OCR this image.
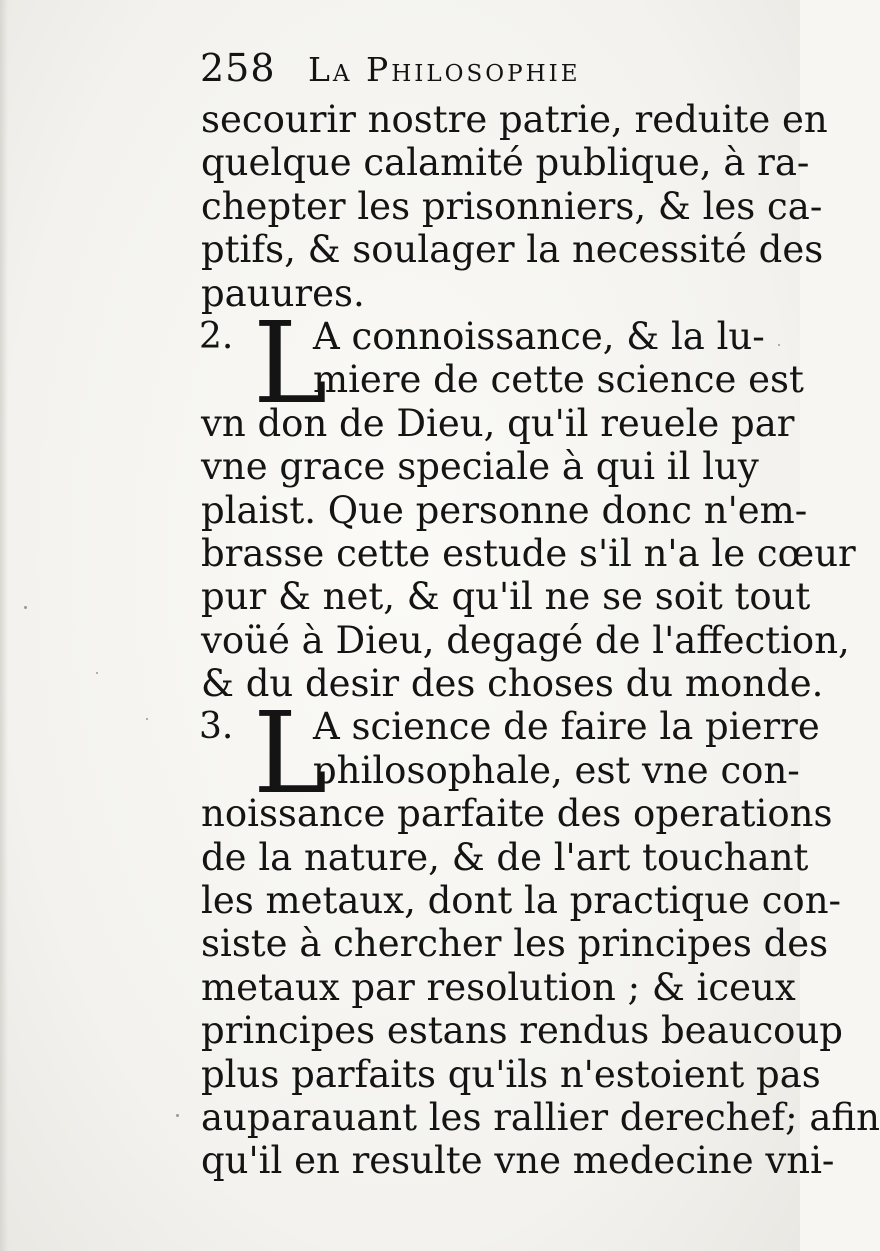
258 La Philosophie
secourir nostre patrie, reduite en
quelque calamité publique, à ra-
chepter les prisonniers, & les ca-
ptifs, & soulager la necessité des
pauures.
2. L
A connoissance, & la lu-
miere de cette science est
vn don de Dieu, qu'il reuele par
vne grace speciale à qui il luy
plaist. Que personne donc n'em-
brasse cette estude s'il n'a le cœur
pur & net, & qu'il ne se soit tout
voüé à Dieu, degagé de l'affection,
& du desir des choses du monde.
3. L
A science de faire la pierre
philosophale, est vne con-
noissance parfaite des operations
de la nature, & de l'art touchant
les metaux, dont la practique con-
siste à chercher les principes des
metaux par resolution ; & iceux
principes estans rendus beaucoup
plus parfaits qu'ils n'estoient pas
auparauant les rallier derechef; afin
qu'il en resulte vne medecine vni-
